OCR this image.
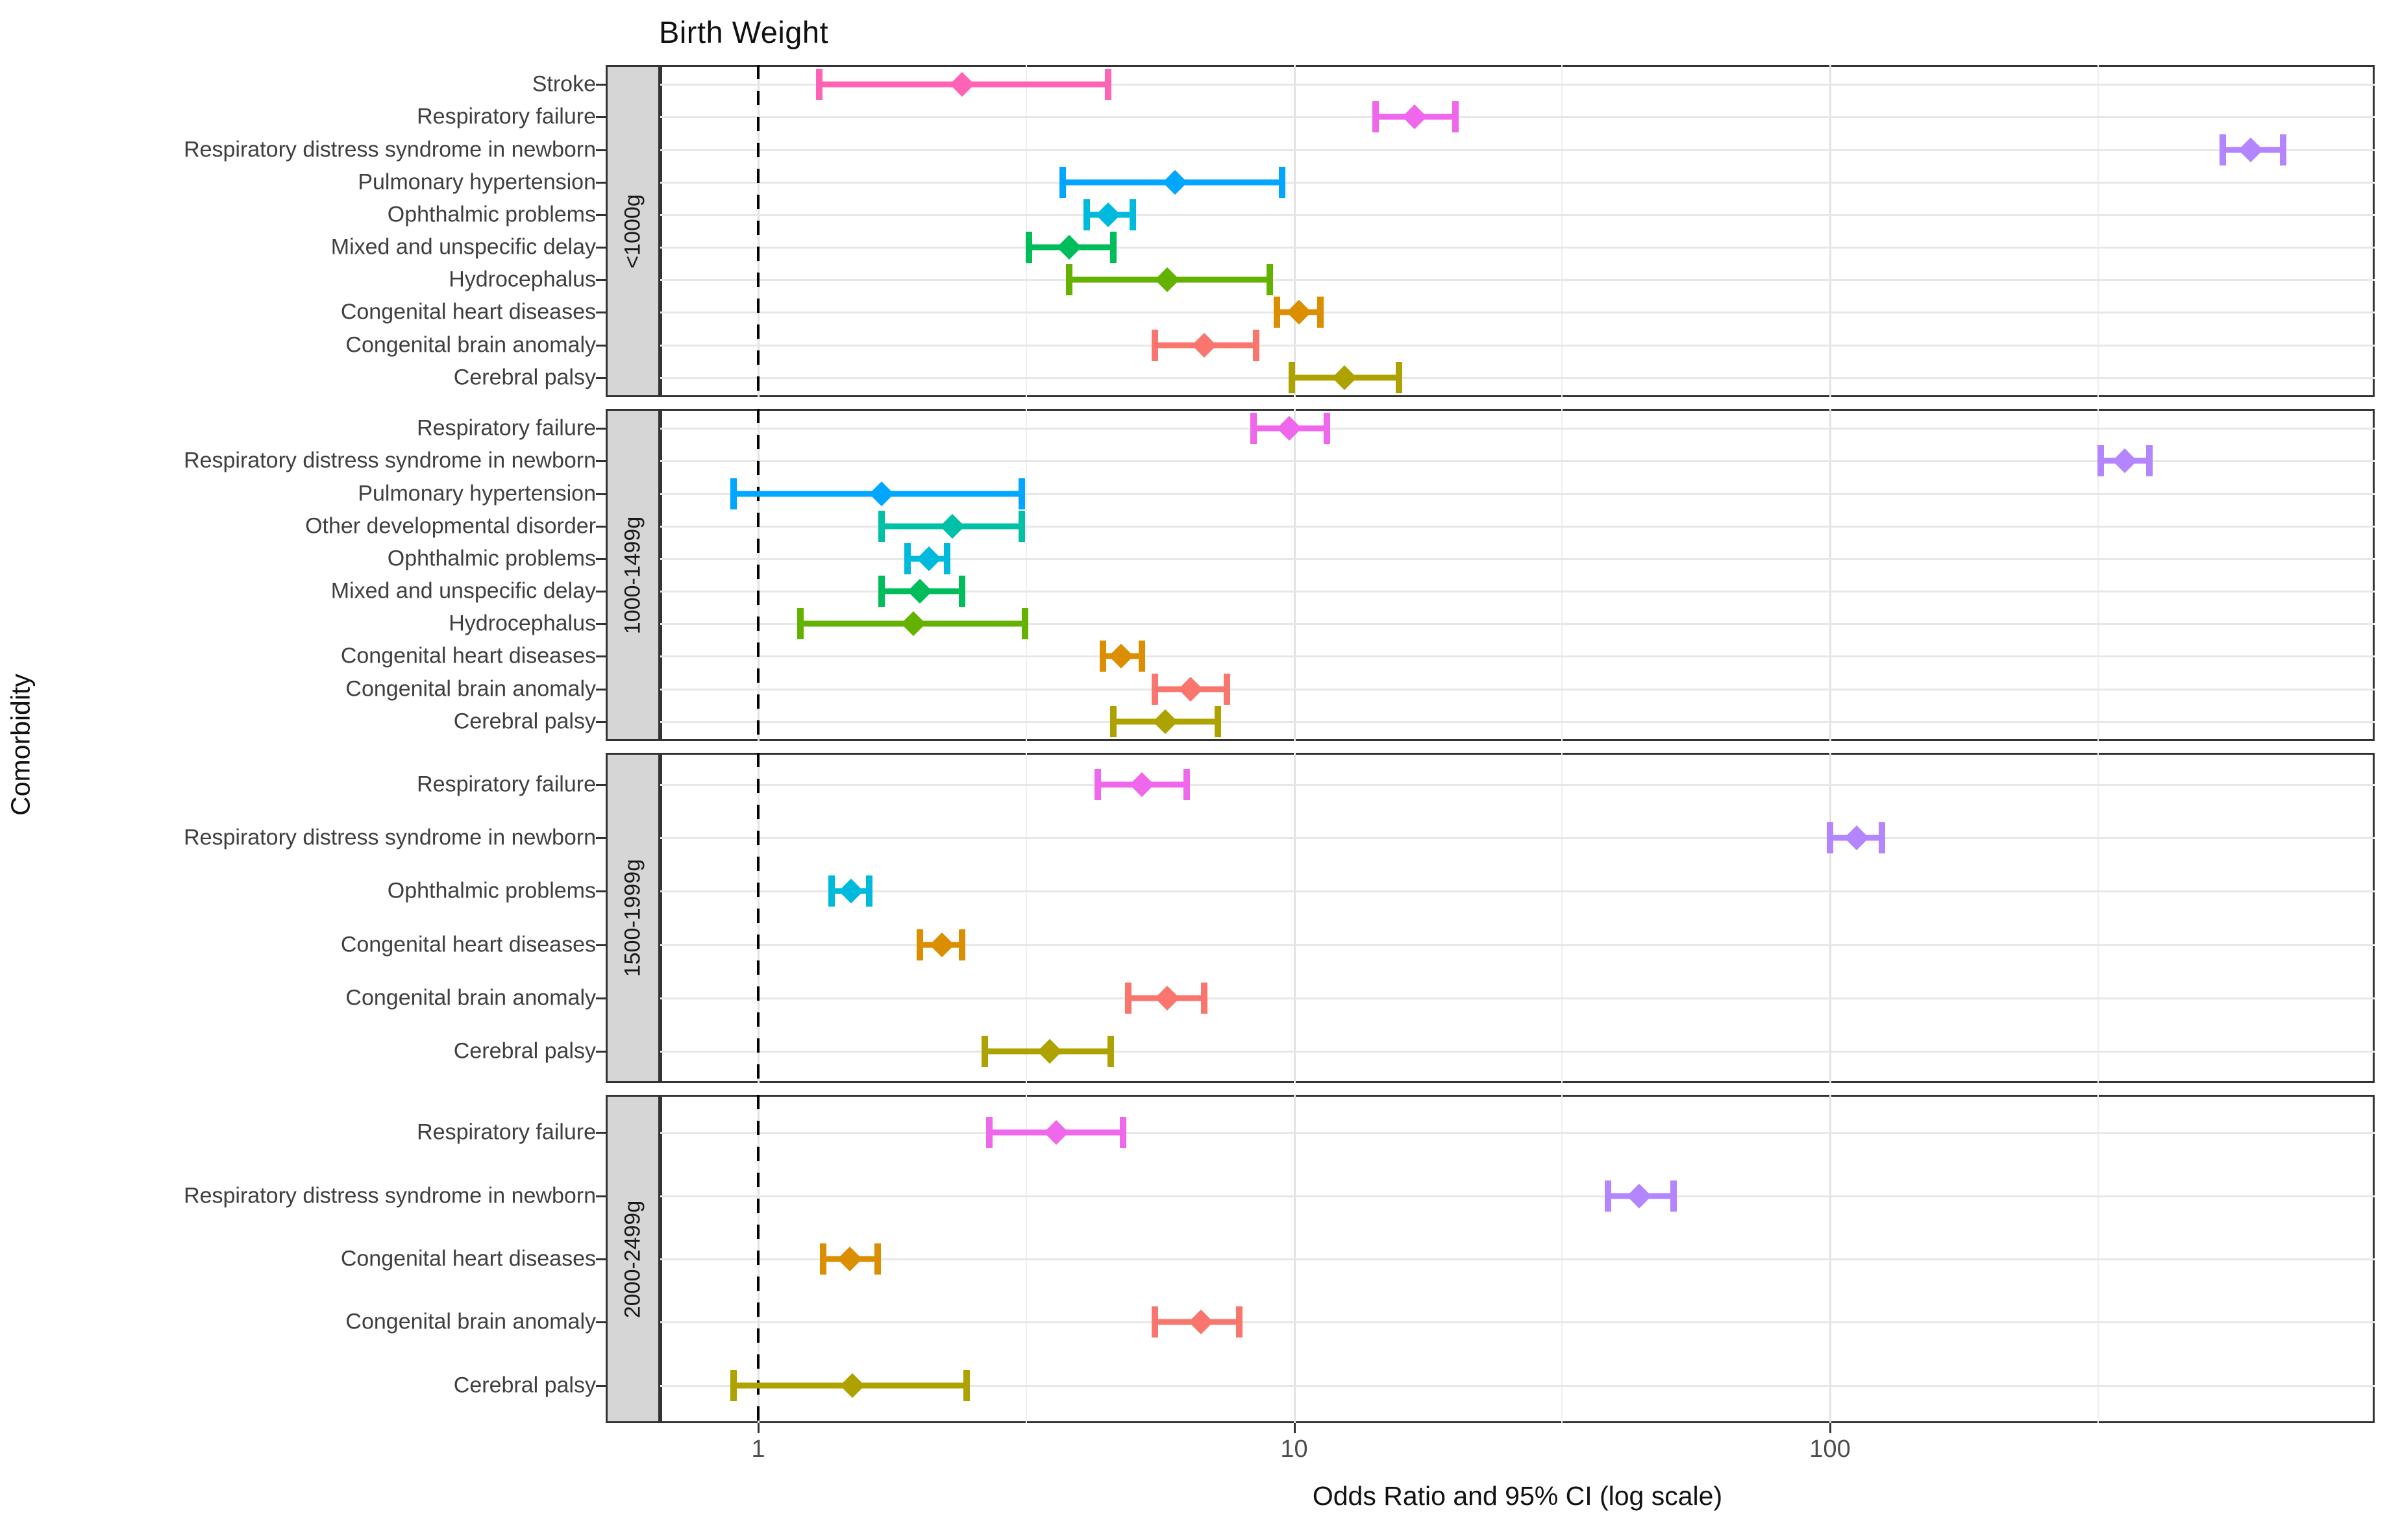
Birth Weight
Comorbidity
Odds Ratio and 95% CI (log scale)
<1000g
Stroke
Respiratory failure
Respiratory distress syndrome in newborn
Pulmonary hypertension
Ophthalmic problems
Mixed and unspecific delay
Hydrocephalus
Congenital heart diseases
Congenital brain anomaly
Cerebral palsy
1000-1499g
Respiratory failure
Respiratory distress syndrome in newborn
Pulmonary hypertension
Other developmental disorder
Ophthalmic problems
Mixed and unspecific delay
Hydrocephalus
Congenital heart diseases
Congenital brain anomaly
Cerebral palsy
1500-1999g
Respiratory failure
Respiratory distress syndrome in newborn
Ophthalmic problems
Congenital heart diseases
Congenital brain anomaly
Cerebral palsy
2000-2499g
Respiratory failure
Respiratory distress syndrome in newborn
Congenital heart diseases
Congenital brain anomaly
Cerebral palsy
1	10	100
